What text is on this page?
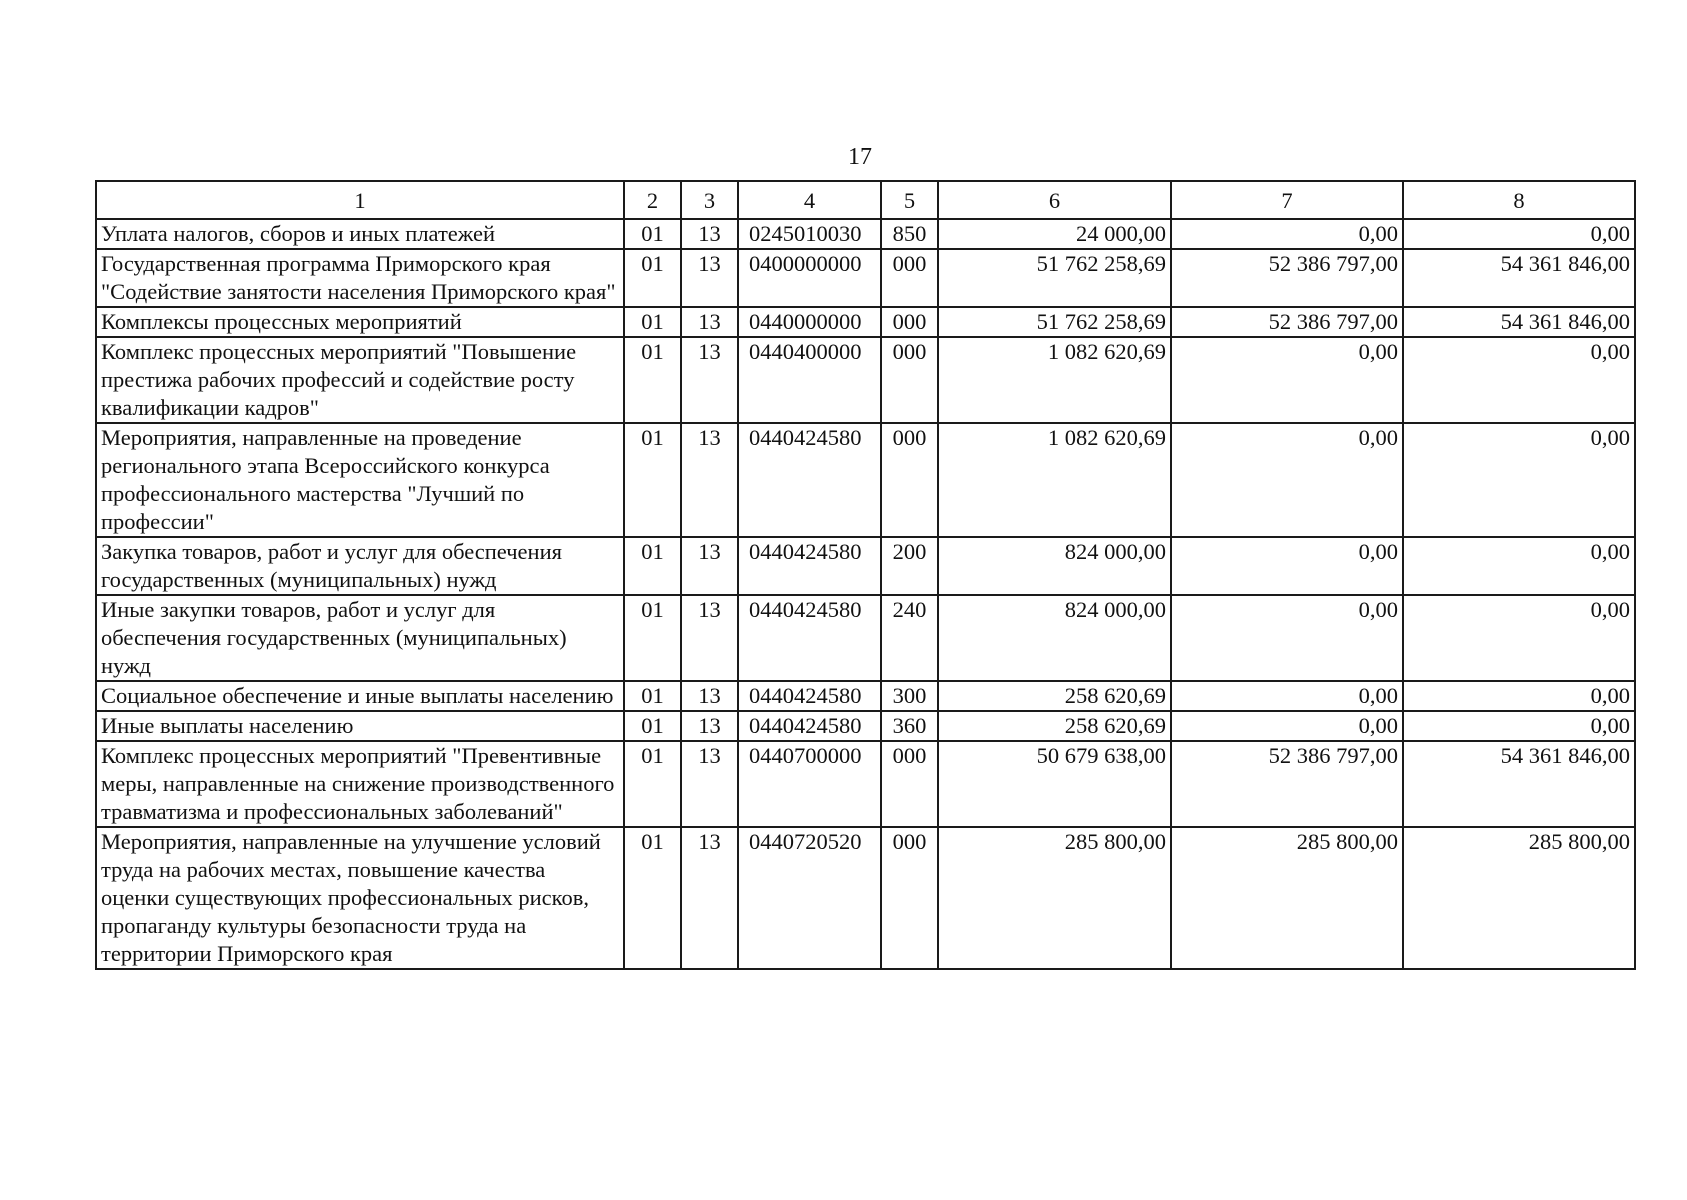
17
1	2	3	4	5	6	7	8
Уплата налогов, сборов и иных платежей	01	13	0245010030	850	24 000,00	0,00	0,00
Государственная программа Приморского края "Содействие занятости населения Приморского края"	01	13	0400000000	000	51 762 258,69	52 386 797,00	54 361 846,00
Комплексы процессных мероприятий	01	13	0440000000	000	51 762 258,69	52 386 797,00	54 361 846,00
Комплекс процессных мероприятий "Повышение престижа рабочих профессий и содействие росту квалификации кадров"	01	13	0440400000	000	1 082 620,69	0,00	0,00
Мероприятия, направленные на проведение регионального этапа Всероссийского конкурса профессионального мастерства "Лучший по профессии"	01	13	0440424580	000	1 082 620,69	0,00	0,00
Закупка товаров, работ и услуг для обеспечения государственных (муниципальных) нужд	01	13	0440424580	200	824 000,00	0,00	0,00
Иные закупки товаров, работ и услуг для обеспечения государственных (муниципальных) нужд	01	13	0440424580	240	824 000,00	0,00	0,00
Социальное обеспечение и иные выплаты населению	01	13	0440424580	300	258 620,69	0,00	0,00
Иные выплаты населению	01	13	0440424580	360	258 620,69	0,00	0,00
Комплекс процессных мероприятий "Превентивные меры, направленные на снижение производственного травматизма и профессиональных заболеваний"	01	13	0440700000	000	50 679 638,00	52 386 797,00	54 361 846,00
Мероприятия, направленные на улучшение условий труда на рабочих местах, повышение качества оценки существующих профессиональных рисков, пропаганду культуры безопасности труда на территории Приморского края	01	13	0440720520	000	285 800,00	285 800,00	285 800,00
